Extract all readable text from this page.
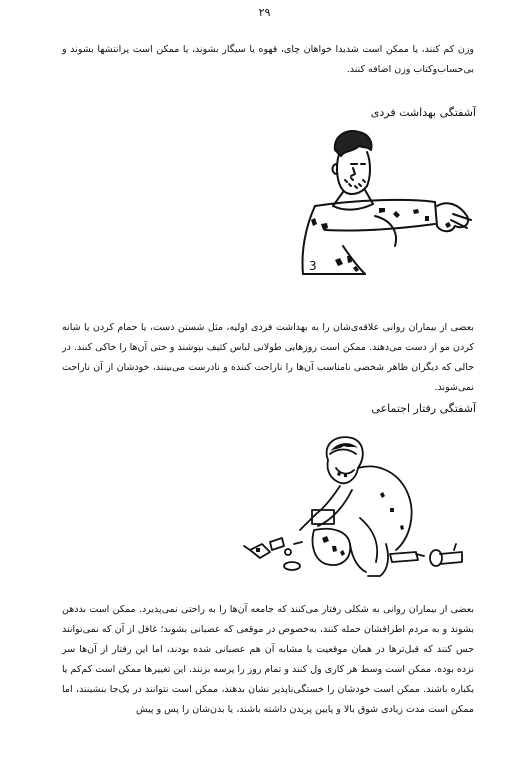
۲۹

وزن کم کنند، یا ممکن است شدیدا خواهان چای، قهوه یا سیگار بشوند، یا ممکن است پرانتشها بشوند و بی‌حساب‌وکتاب وزن اضافه کنند.

آشفتگی بهداشت فردی
3

بعضی از بیماران روانی علاقه‌ی‌شان را به بهداشت فردی اولیه، مثل شستن دست، یا حمام کردن یا شانه کردن مو از دست می‌دهند. ممکن است روزهایی طولانی لباس کثیف بپوشند و حتی آن‌ها را خاکی کنند. در حالی که دیگران ظاهر شخصی نامناسب آن‌ها را ناراحت کننده و نادرست می‌بینند، خودشان از آن ناراحت نمی‌شوند.

آشفتگی رفتار اجتماعی

بعضی از بیماران روانی به شکلی رفتار می‌کنند که جامعه آن‌ها را به راحتی نمی‌پذیرد. ممکن است بددهن بشوند و به مردم اطرافشان حمله کنند، به‌خصوص در موقعی که عصبانی بشوند؛ غافل از آن که نمی‌توانند حس کنند که قبل‌تر‌ها در همان موقعیت یا مشابه آن هم عصبانی شده بودند، اما این رفتار از آن‌ها سر نزده بوده. ممکن است وسط هر کاری ول کنند و تمام روز را پرسه بزنند. این تغییرها ممکن است کم‌کم یا یکباره باشند. ممکن است خودشان را خستگی‌ناپذیر نشان بدهند، ممکن است نتوانند در یک‌جا بنشینند، اما ممکن است مدت زیادی شوق بالا و پایین پریدن داشته باشند، یا بدن‌شان را پس و پیش
